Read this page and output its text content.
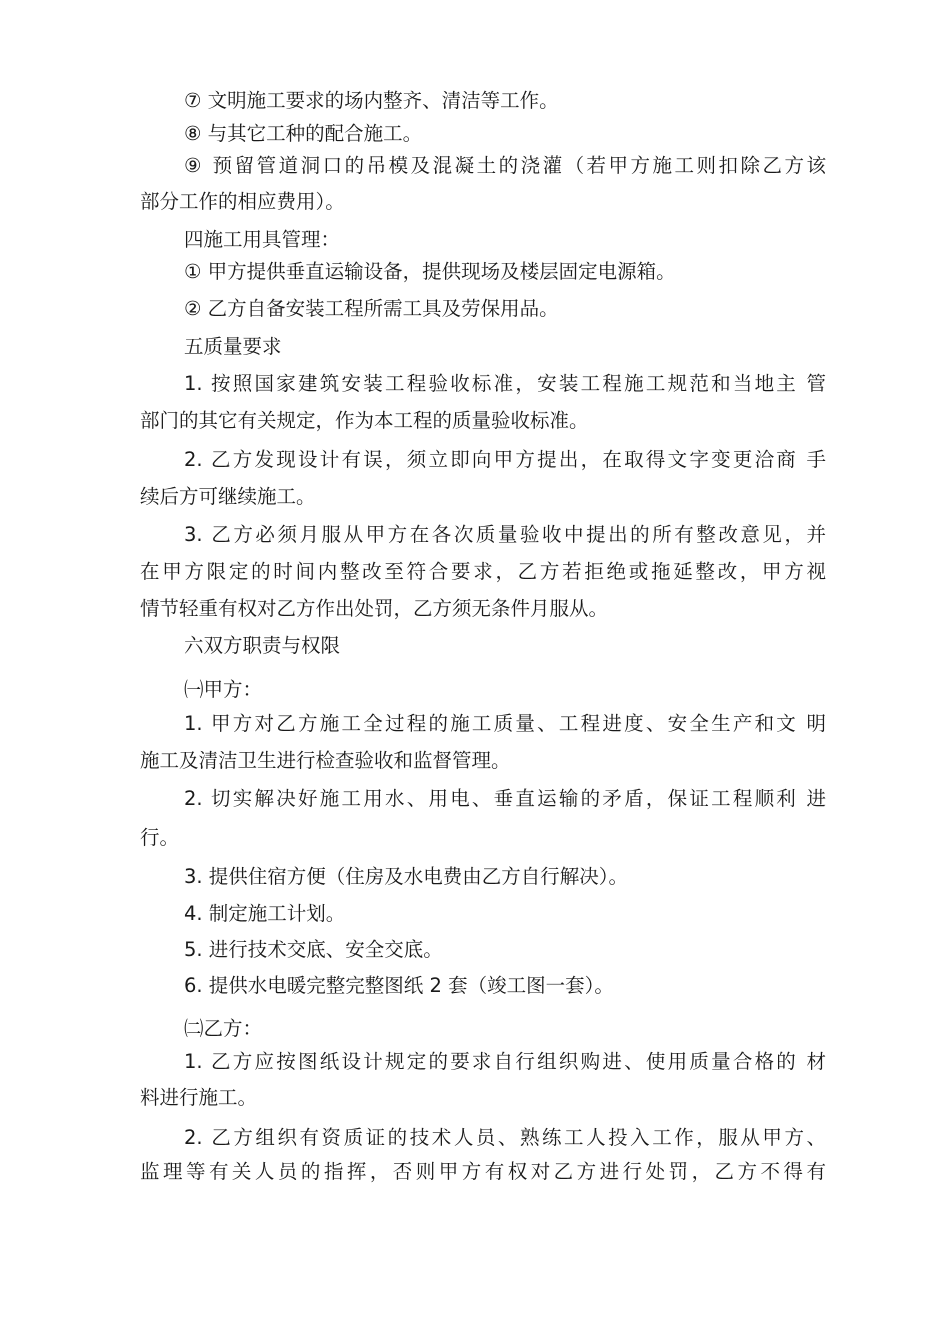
⑦ 文明施工要求的场内整齐、清洁等工作。
⑧ 与其它工种的配合施工。
⑨ 预留管道洞口的吊模及混凝土的浇灌（若甲方施工则扣除乙方该
部分工作的相应费用）。
四施工用具管理：
① 甲方提供垂直运输设备，提供现场及楼层固定电源箱。
② 乙方自备安装工程所需工具及劳保用品。
五质量要求
1. 按照国家建筑安装工程验收标准，安装工程施工规范和当地主 管
部门的其它有关规定，作为本工程的质量验收标准。
2. 乙方发现设计有误，须立即向甲方提出，在取得文字变更洽商 手
续后方可继续施工。
3. 乙方必须月服从甲方在各次质量验收中提出的所有整改意见，并
在甲方限定的时间内整改至符合要求，乙方若拒绝或拖延整改，甲方视
情节轻重有权对乙方作出处罚，乙方须无条件月服从。
六双方职责与权限
㈠甲方：
1. 甲方对乙方施工全过程的施工质量、工程进度、安全生产和文 明
施工及清洁卫生进行检查验收和监督管理。
2. 切实解决好施工用水、用电、垂直运输的矛盾，保证工程顺利 进
行。
3. 提供住宿方便（住房及水电费由乙方自行解决）。
4. 制定施工计划。
5. 进行技术交底、安全交底。
6. 提供水电暖完整完整图纸 2 套（竣工图一套）。
㈡乙方：
1. 乙方应按图纸设计规定的要求自行组织购进、使用质量合格的 材
料进行施工。
2. 乙方组织有资质证的技术人员、熟练工人投入工作，服从甲方、
监理等有关人员的指挥，否则甲方有权对乙方进行处罚，乙方不得有
